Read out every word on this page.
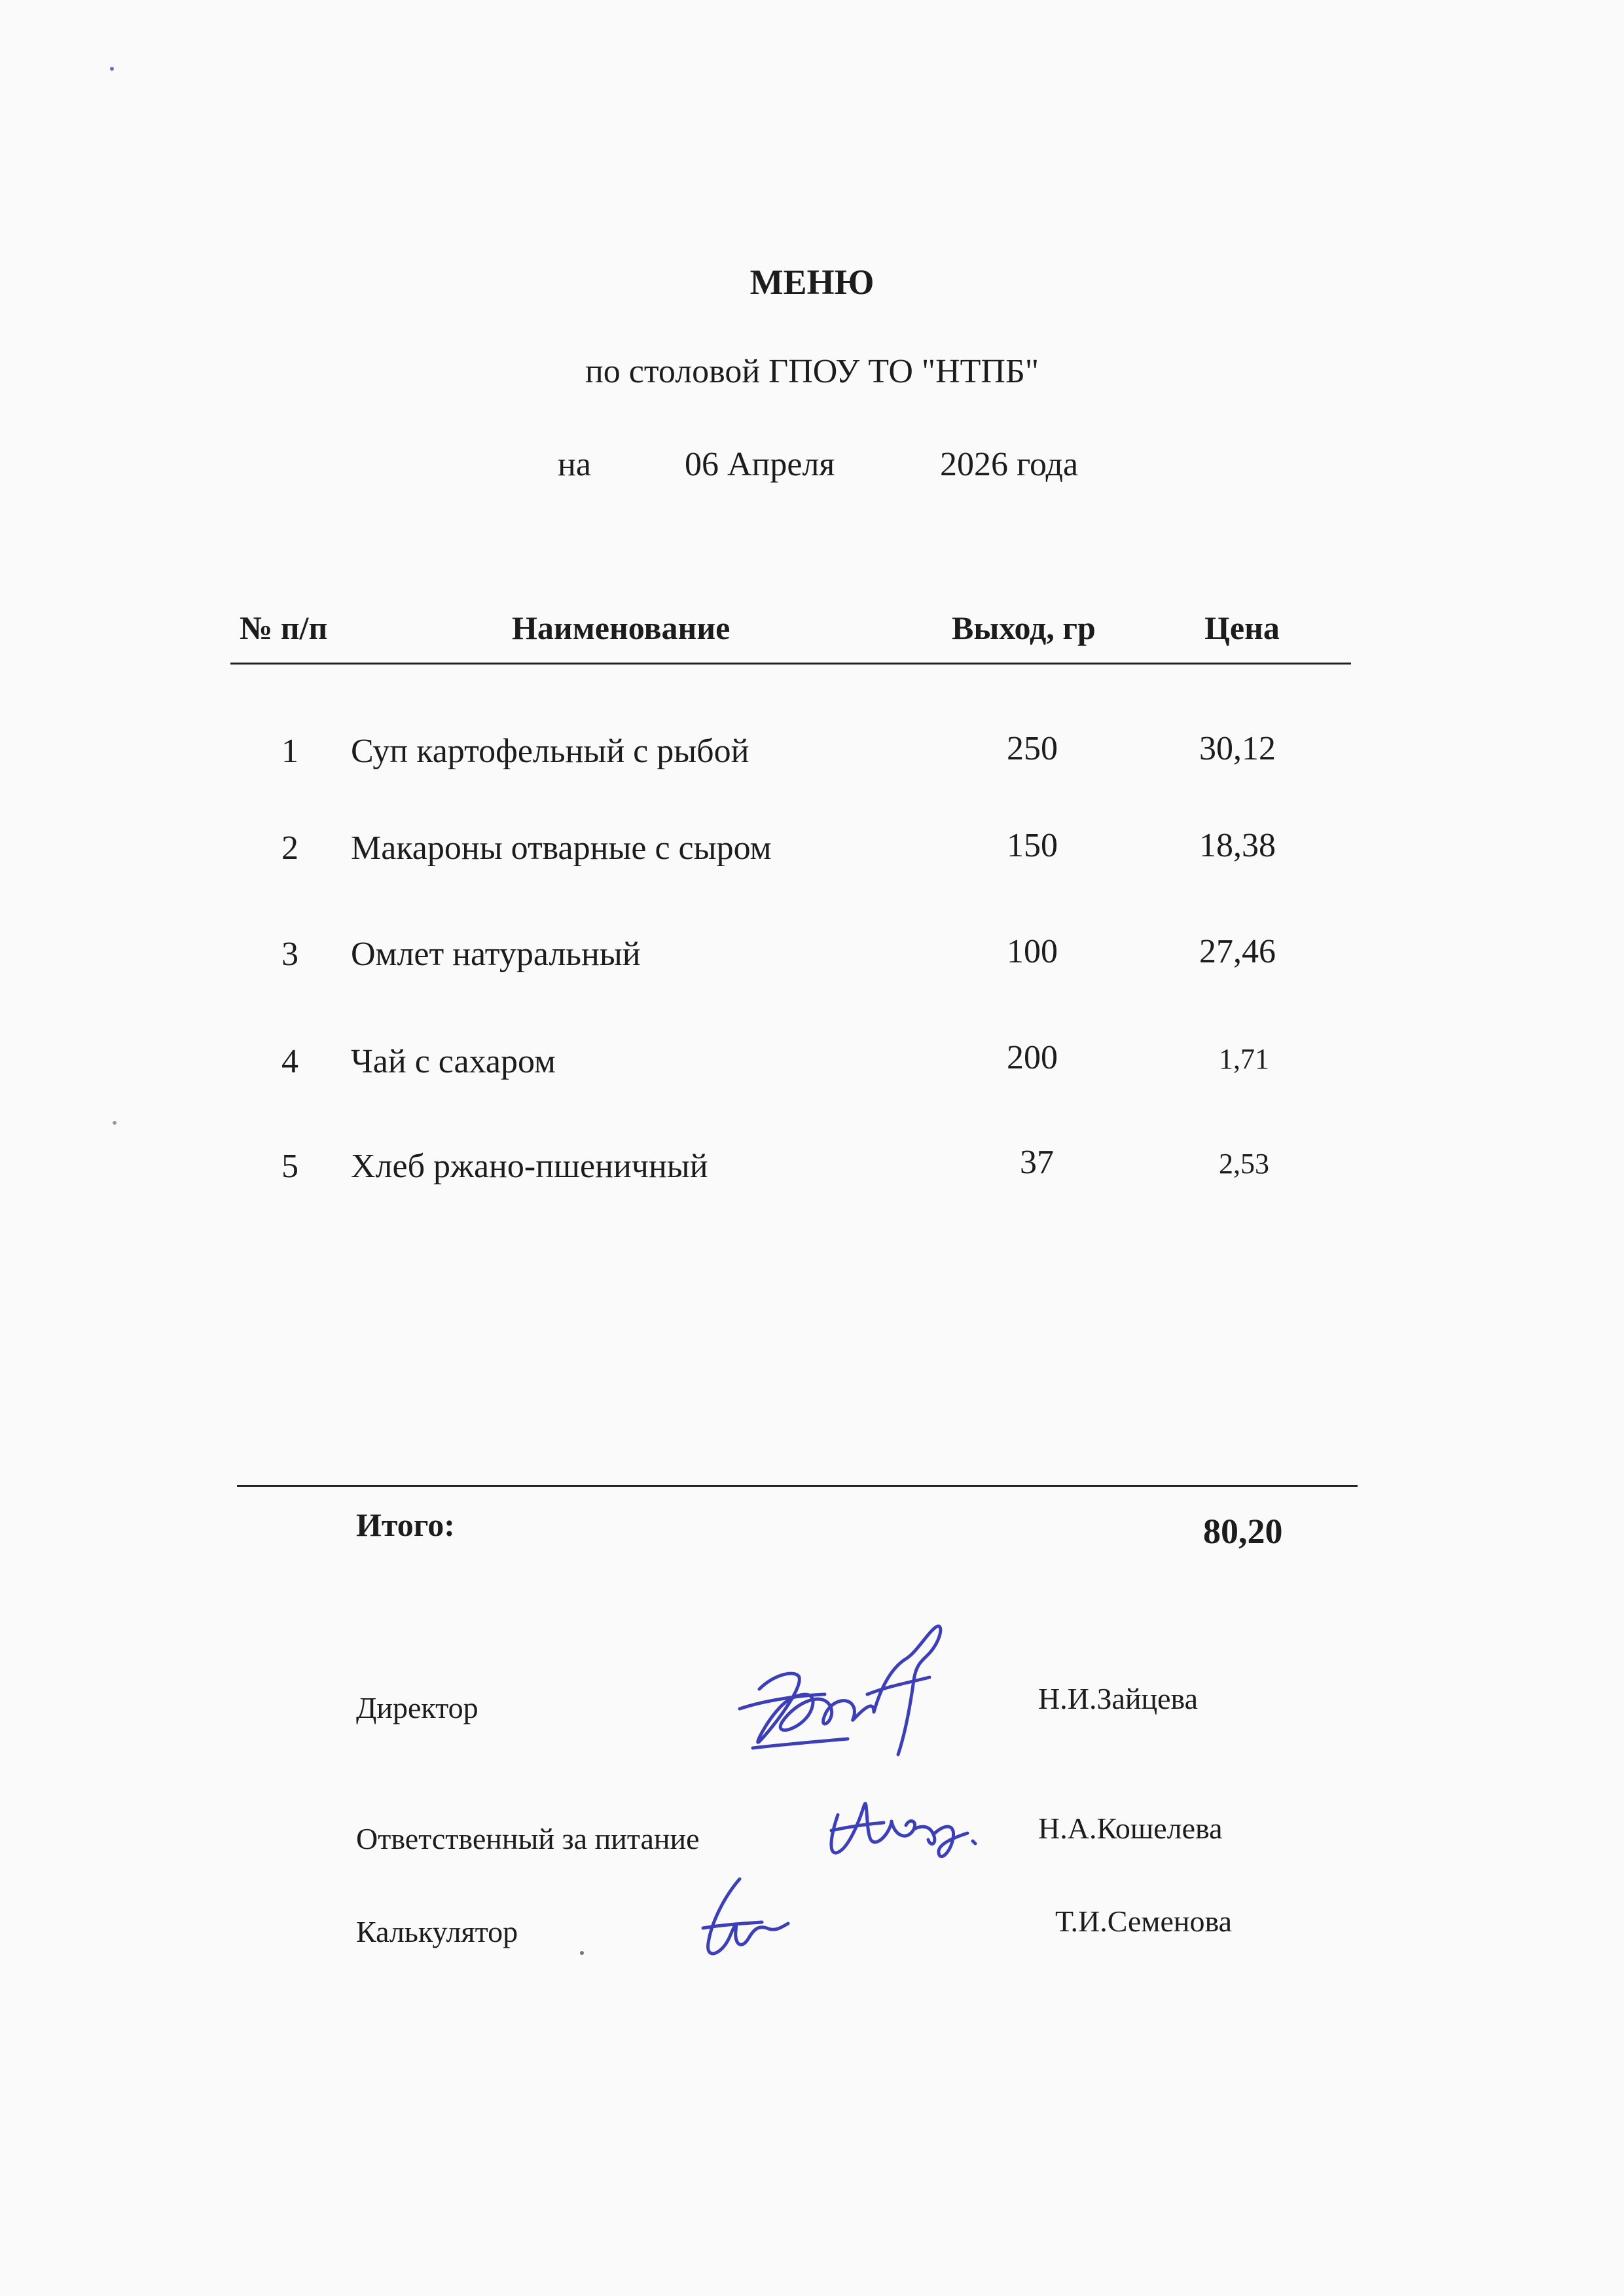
МЕНЮ
по столовой ГПОУ ТО "НТПБ"
на	06 Апреля	2026 года
№ п/п	Наименование	Выход, гр	Цена
1 Суп картофельный с рыбой	250	30,12
2 Макароны отварные с сыром	150	18,38
3 Омлет натуральный	100	27,46
4 Чай с сахаром	200	1,71
5 Хлеб ржано-пшеничный	37	2,53
Итого:	80,20
Директор	Н.И.Зайцева
Ответственный за питание	Н.А.Кошелева
Калькулятор	Т.И.Семенова
